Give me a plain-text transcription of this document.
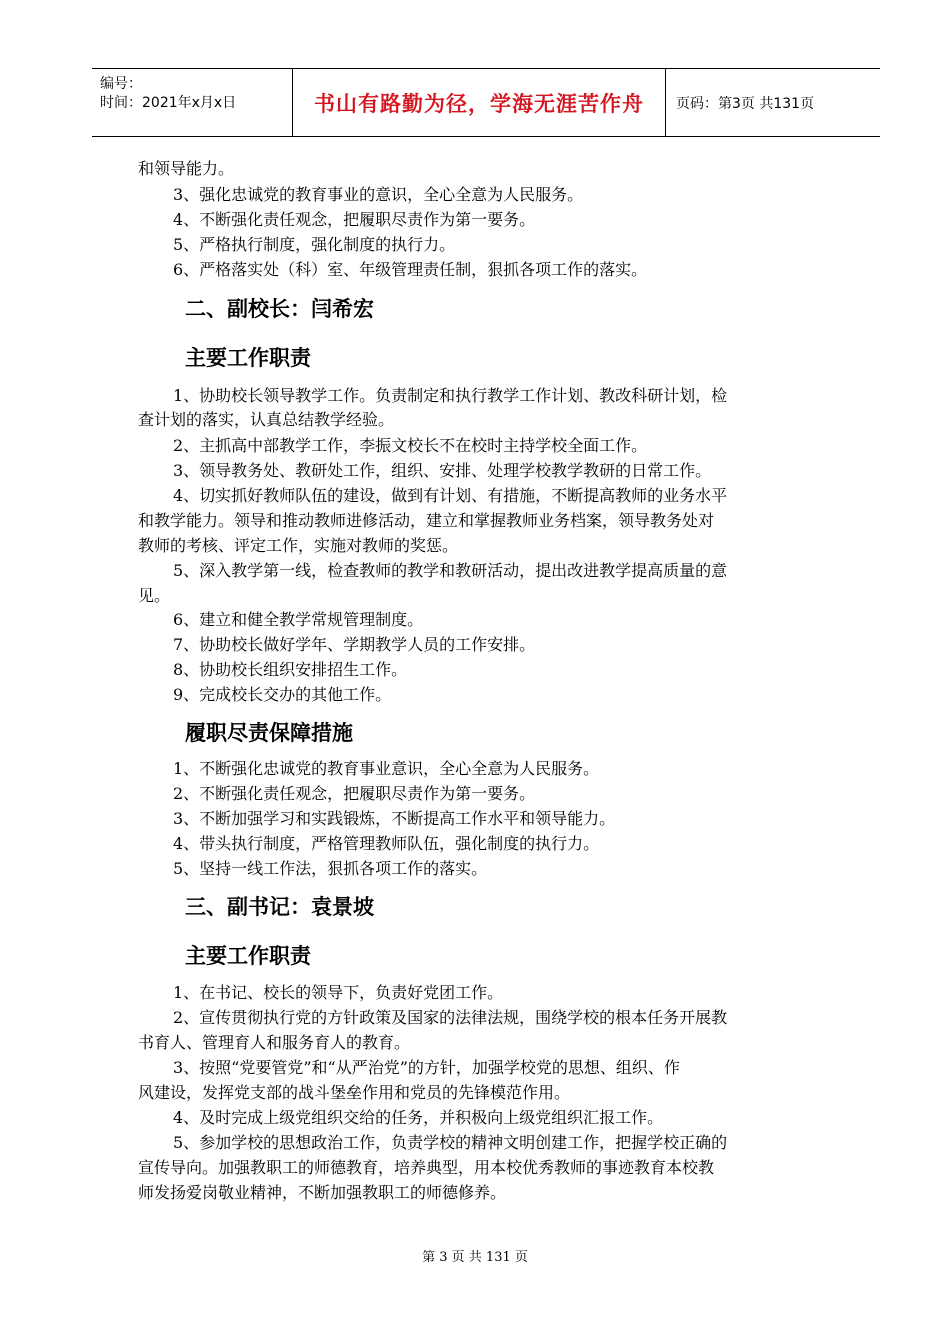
编号：
时间：2021年x月x日	书山有路勤为径，学海无涯苦作舟	页码：第3页 共131页
和领导能力。
3、强化忠诚党的教育事业的意识，全心全意为人民服务。
4、不断强化责任观念，把履职尽责作为第一要务。
5、严格执行制度，强化制度的执行力。
6、严格落实处（科）室、年级管理责任制，狠抓各项工作的落实。
二、副校长：闫希宏
主要工作职责
1、协助校长领导教学工作。负责制定和执行教学工作计划、教改科研计划，检
查计划的落实，认真总结教学经验。
2、主抓高中部教学工作，李振文校长不在校时主持学校全面工作。
3、领导教务处、教研处工作，组织、安排、处理学校教学教研的日常工作。
4、切实抓好教师队伍的建设，做到有计划、有措施，不断提高教师的业务水平
和教学能力。领导和推动教师进修活动，建立和掌握教师业务档案，领导教务处对
教师的考核、评定工作，实施对教师的奖惩。
5、深入教学第一线，检查教师的教学和教研活动，提出改进教学提高质量的意
见。
6、建立和健全教学常规管理制度。
7、协助校长做好学年、学期教学人员的工作安排。
8、协助校长组织安排招生工作。
9、完成校长交办的其他工作。
履职尽责保障措施
1、不断强化忠诚党的教育事业意识，全心全意为人民服务。
2、不断强化责任观念，把履职尽责作为第一要务。
3、不断加强学习和实践锻炼，不断提高工作水平和领导能力。
4、带头执行制度，严格管理教师队伍，强化制度的执行力。
5、坚持一线工作法，狠抓各项工作的落实。
三、副书记：袁景坡
主要工作职责
1、在书记、校长的领导下，负责好党团工作。
2、宣传贯彻执行党的方针政策及国家的法律法规，围绕学校的根本任务开展教
书育人、管理育人和服务育人的教育。
3、按照“党要管党”和“从严治党”的方针，加强学校党的思想、组织、作
风建设，发挥党支部的战斗堡垒作用和党员的先锋模范作用。
4、及时完成上级党组织交给的任务，并积极向上级党组织汇报工作。
5、参加学校的思想政治工作，负责学校的精神文明创建工作，把握学校正确的
宣传导向。加强教职工的师德教育，培养典型，用本校优秀教师的事迹教育本校教
师发扬爱岗敬业精神，不断加强教职工的师德修养。
第 3 页 共 131 页
